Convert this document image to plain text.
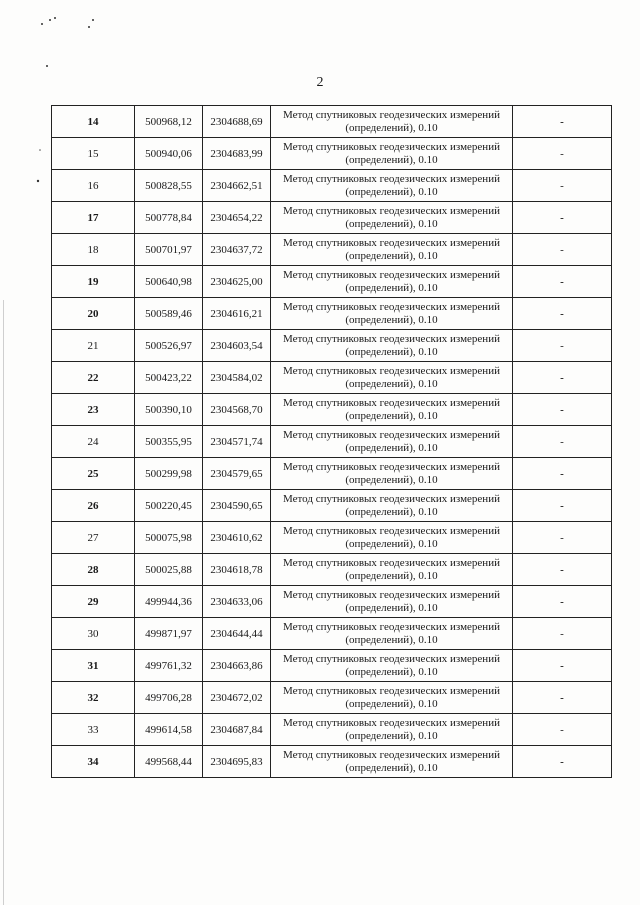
2
14	500968,12	2304688,69	Метод спутниковых геодезических измерений
(определений), 0.10	-
15	500940,06	2304683,99	Метод спутниковых геодезических измерений
(определений), 0.10	-
16	500828,55	2304662,51	Метод спутниковых геодезических измерений
(определений), 0.10	-
17	500778,84	2304654,22	Метод спутниковых геодезических измерений
(определений), 0.10	-
18	500701,97	2304637,72	Метод спутниковых геодезических измерений
(определений), 0.10	-
19	500640,98	2304625,00	Метод спутниковых геодезических измерений
(определений), 0.10	-
20	500589,46	2304616,21	Метод спутниковых геодезических измерений
(определений), 0.10	-
21	500526,97	2304603,54	Метод спутниковых геодезических измерений
(определений), 0.10	-
22	500423,22	2304584,02	Метод спутниковых геодезических измерений
(определений), 0.10	-
23	500390,10	2304568,70	Метод спутниковых геодезических измерений
(определений), 0.10	-
24	500355,95	2304571,74	Метод спутниковых геодезических измерений
(определений), 0.10	-
25	500299,98	2304579,65	Метод спутниковых геодезических измерений
(определений), 0.10	-
26	500220,45	2304590,65	Метод спутниковых геодезических измерений
(определений), 0.10	-
27	500075,98	2304610,62	Метод спутниковых геодезических измерений
(определений), 0.10	-
28	500025,88	2304618,78	Метод спутниковых геодезических измерений
(определений), 0.10	-
29	499944,36	2304633,06	Метод спутниковых геодезических измерений
(определений), 0.10	-
30	499871,97	2304644,44	Метод спутниковых геодезических измерений
(определений), 0.10	-
31	499761,32	2304663,86	Метод спутниковых геодезических измерений
(определений), 0.10	-
32	499706,28	2304672,02	Метод спутниковых геодезических измерений
(определений), 0.10	-
33	499614,58	2304687,84	Метод спутниковых геодезических измерений
(определений), 0.10	-
34	499568,44	2304695,83	Метод спутниковых геодезических измерений
(определений), 0.10	-
